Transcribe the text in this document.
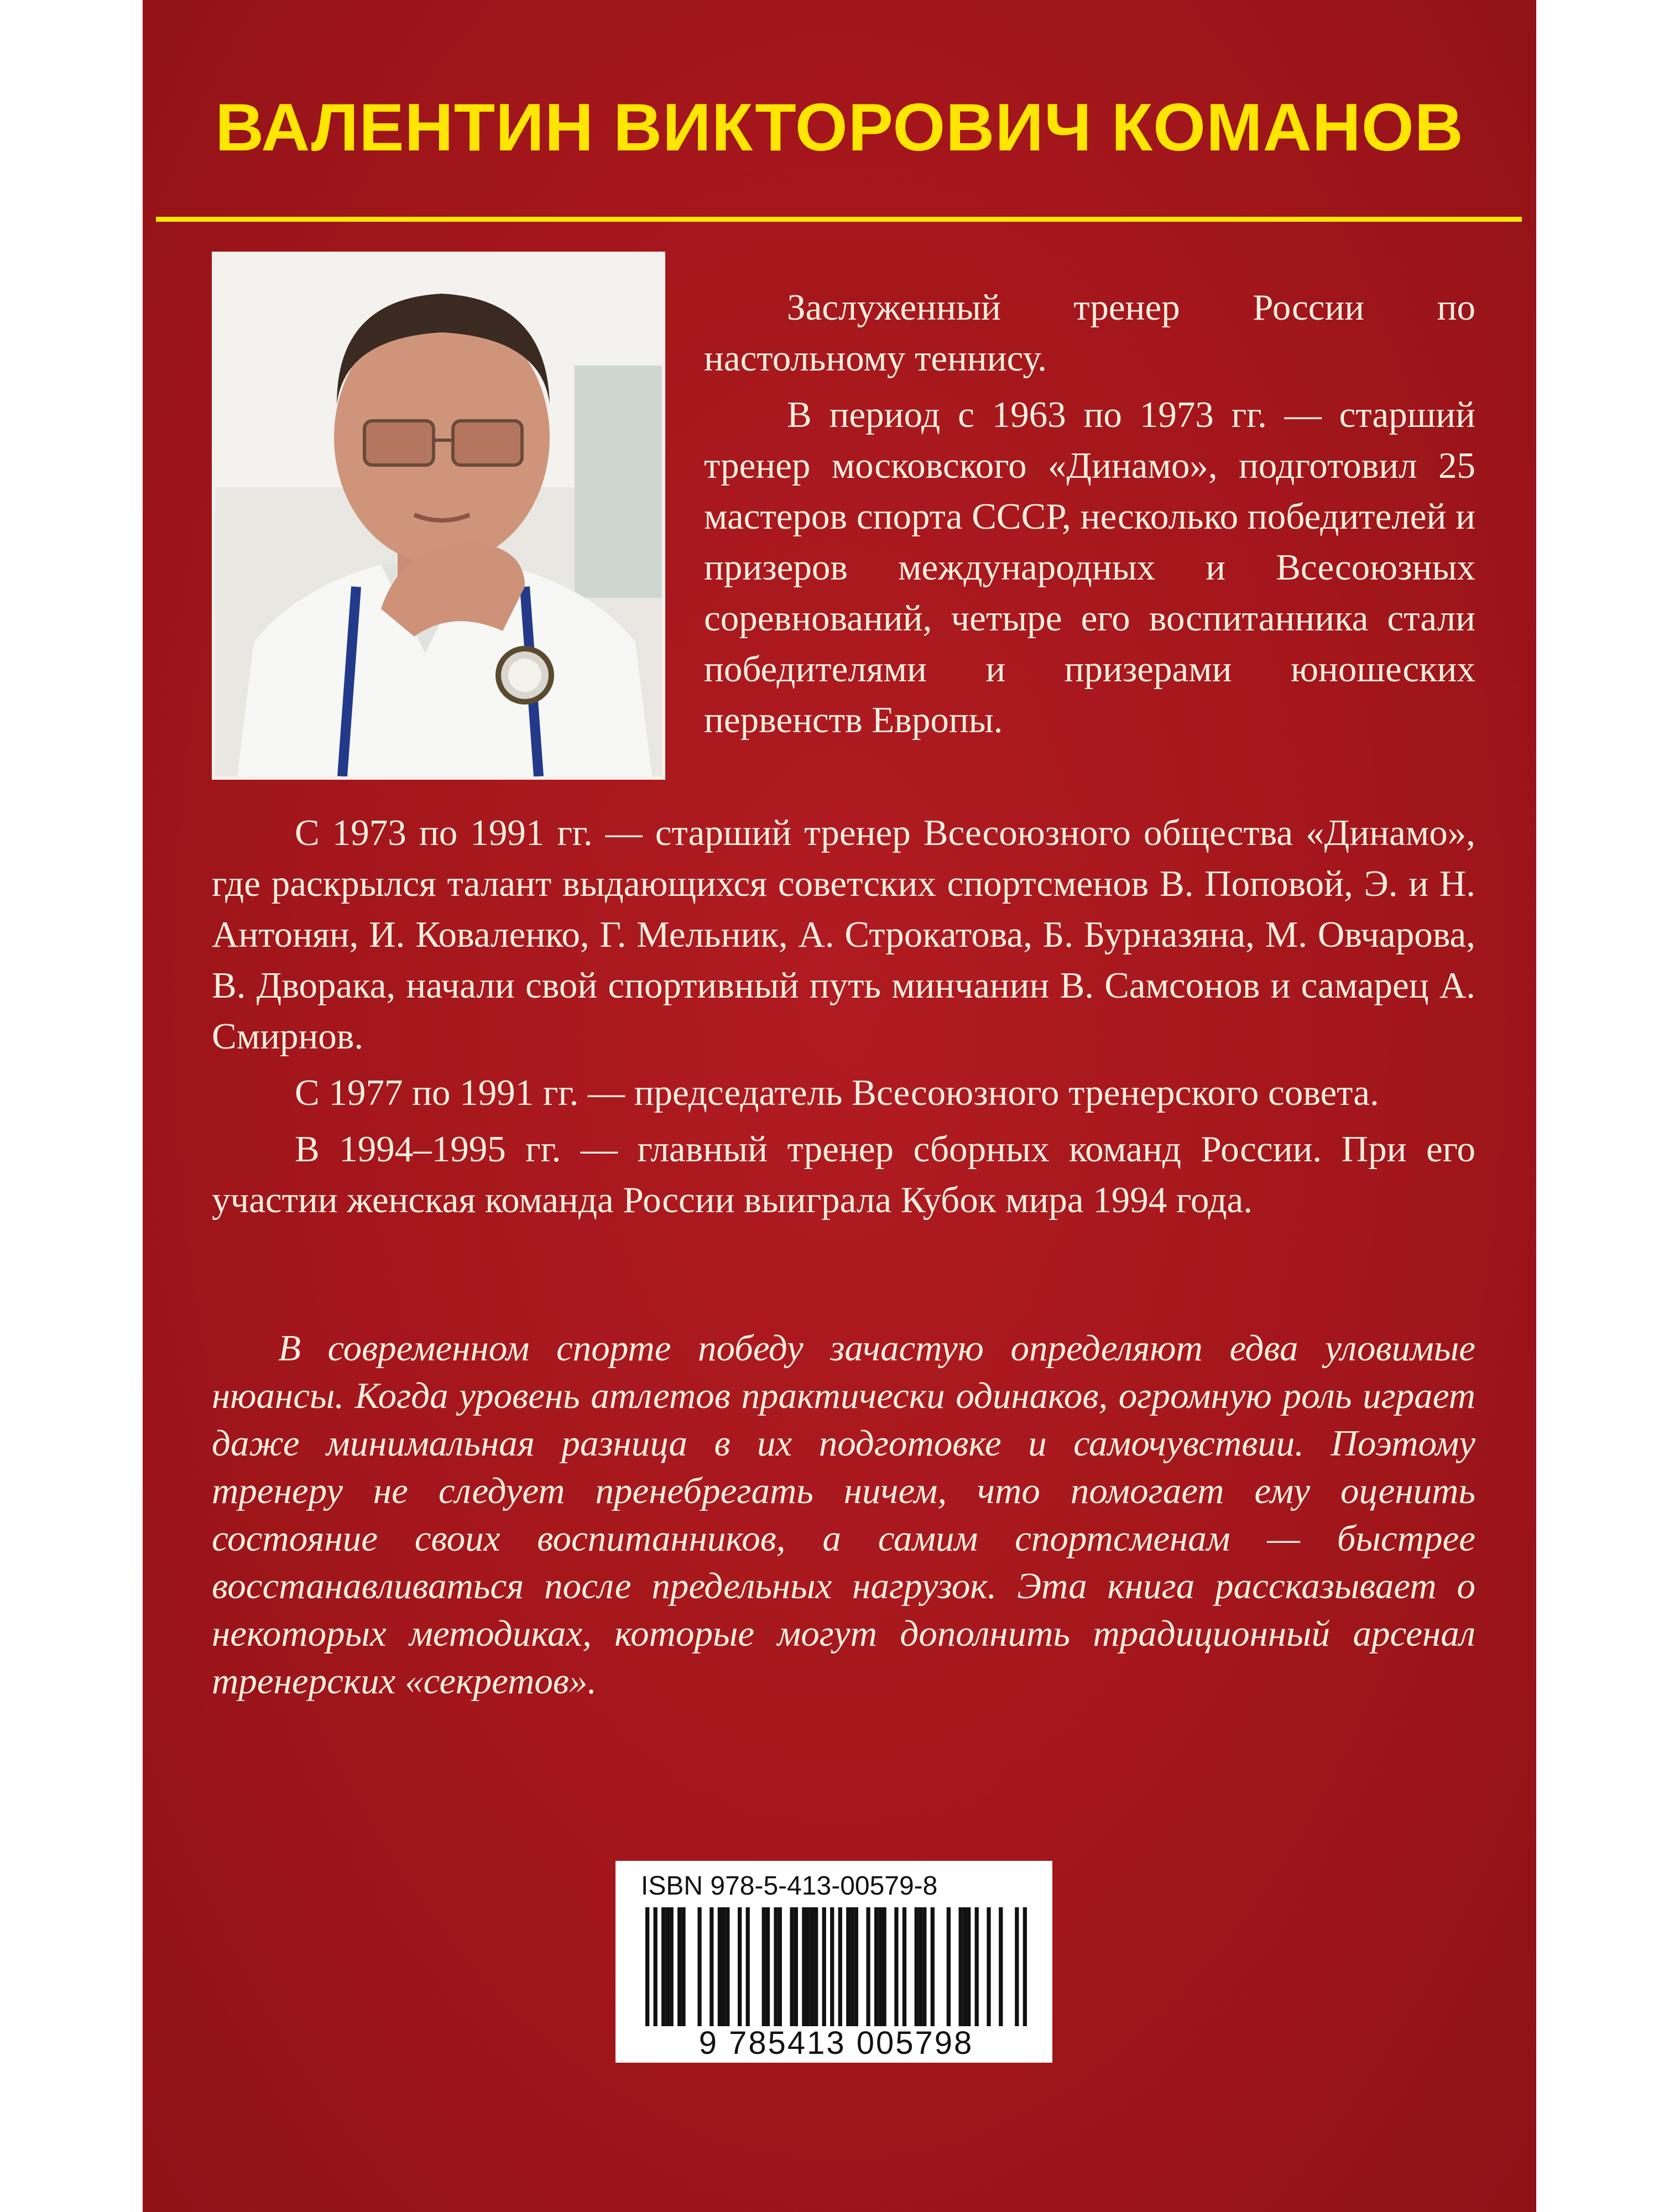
ВАЛЕНТИН ВИКТОРОВИЧ КОМАНОВ

Заслуженный тренер России по настольному теннису.

В период с 1963 по 1973 гг. — старший тренер московского «Динамо», подготовил 25 мастеров спорта СССР, несколько победителей и призеров международных и Всесоюзных соревнований, четыре его воспитанника стали победителями и призерами юношеских первенств Европы.

С 1973 по 1991 гг. — старший тренер Всесоюзного общества «Динамо», где раскрылся талант выдающихся советских спортсменов В. Поповой, Э. и Н. Антонян, И. Коваленко, Г. Мельник, А. Строкатова, Б. Бурназяна, М. Овчарова, В. Дворака, начали свой спортивный путь минчанин В. Самсонов и самарец А. Смирнов.

С 1977 по 1991 гг. — председатель Всесоюзного тренерского совета.

В 1994–1995 гг. — главный тренер сборных команд России. При его участии женская команда России выиграла Кубок мира 1994 года.

В современном спорте победу зачастую определяют едва уловимые нюансы. Когда уровень атлетов практически одинаков, огромную роль играет даже минимальная разница в их подготовке и самочувствии. Поэтому тренеру не следует пренебрегать ничем, что помогает ему оценить состояние своих воспитанников, а самим спортсменам — быстрее восстанавливаться после предельных нагрузок. Эта книга рассказывает о некоторых методиках, которые могут дополнить традиционный арсенал тренерских «секретов».

ISBN 978-5-413-00579-8
9 785413 005798
